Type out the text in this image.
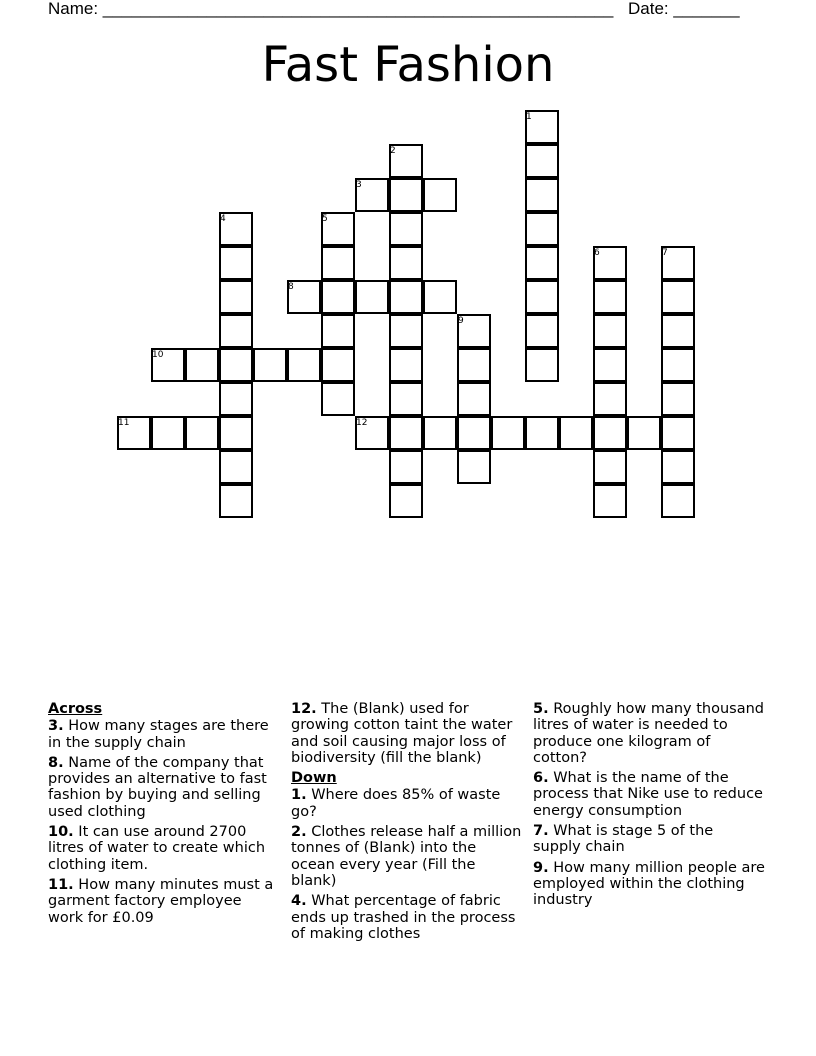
Name: ______________________________________________________ Date: _______
Fast Fashion
1
2
3
4	5
6	7
8
9
10
11	12
Across
3. How many stages are there in the supply chain
8. Name of the company that provides an alternative to fast fashion by buying and selling used clothing
10. It can use around 2700 litres of water to create which clothing item.
11. How many minutes must a garment factory employee work for £0.09
12. The (Blank) used for growing cotton taint the water and soil causing major loss of biodiversity (fill the blank)
Down
1. Where does 85% of waste go?
2. Clothes release half a million tonnes of (Blank) into the ocean every year (Fill the blank)
4. What percentage of fabric ends up trashed in the process of making clothes
5. Roughly how many thousand litres of water is needed to produce one kilogram of cotton?
6. What is the name of the process that Nike use to reduce energy consumption
7. What is stage 5 of the supply chain
9. How many million people are employed within the clothing industry
